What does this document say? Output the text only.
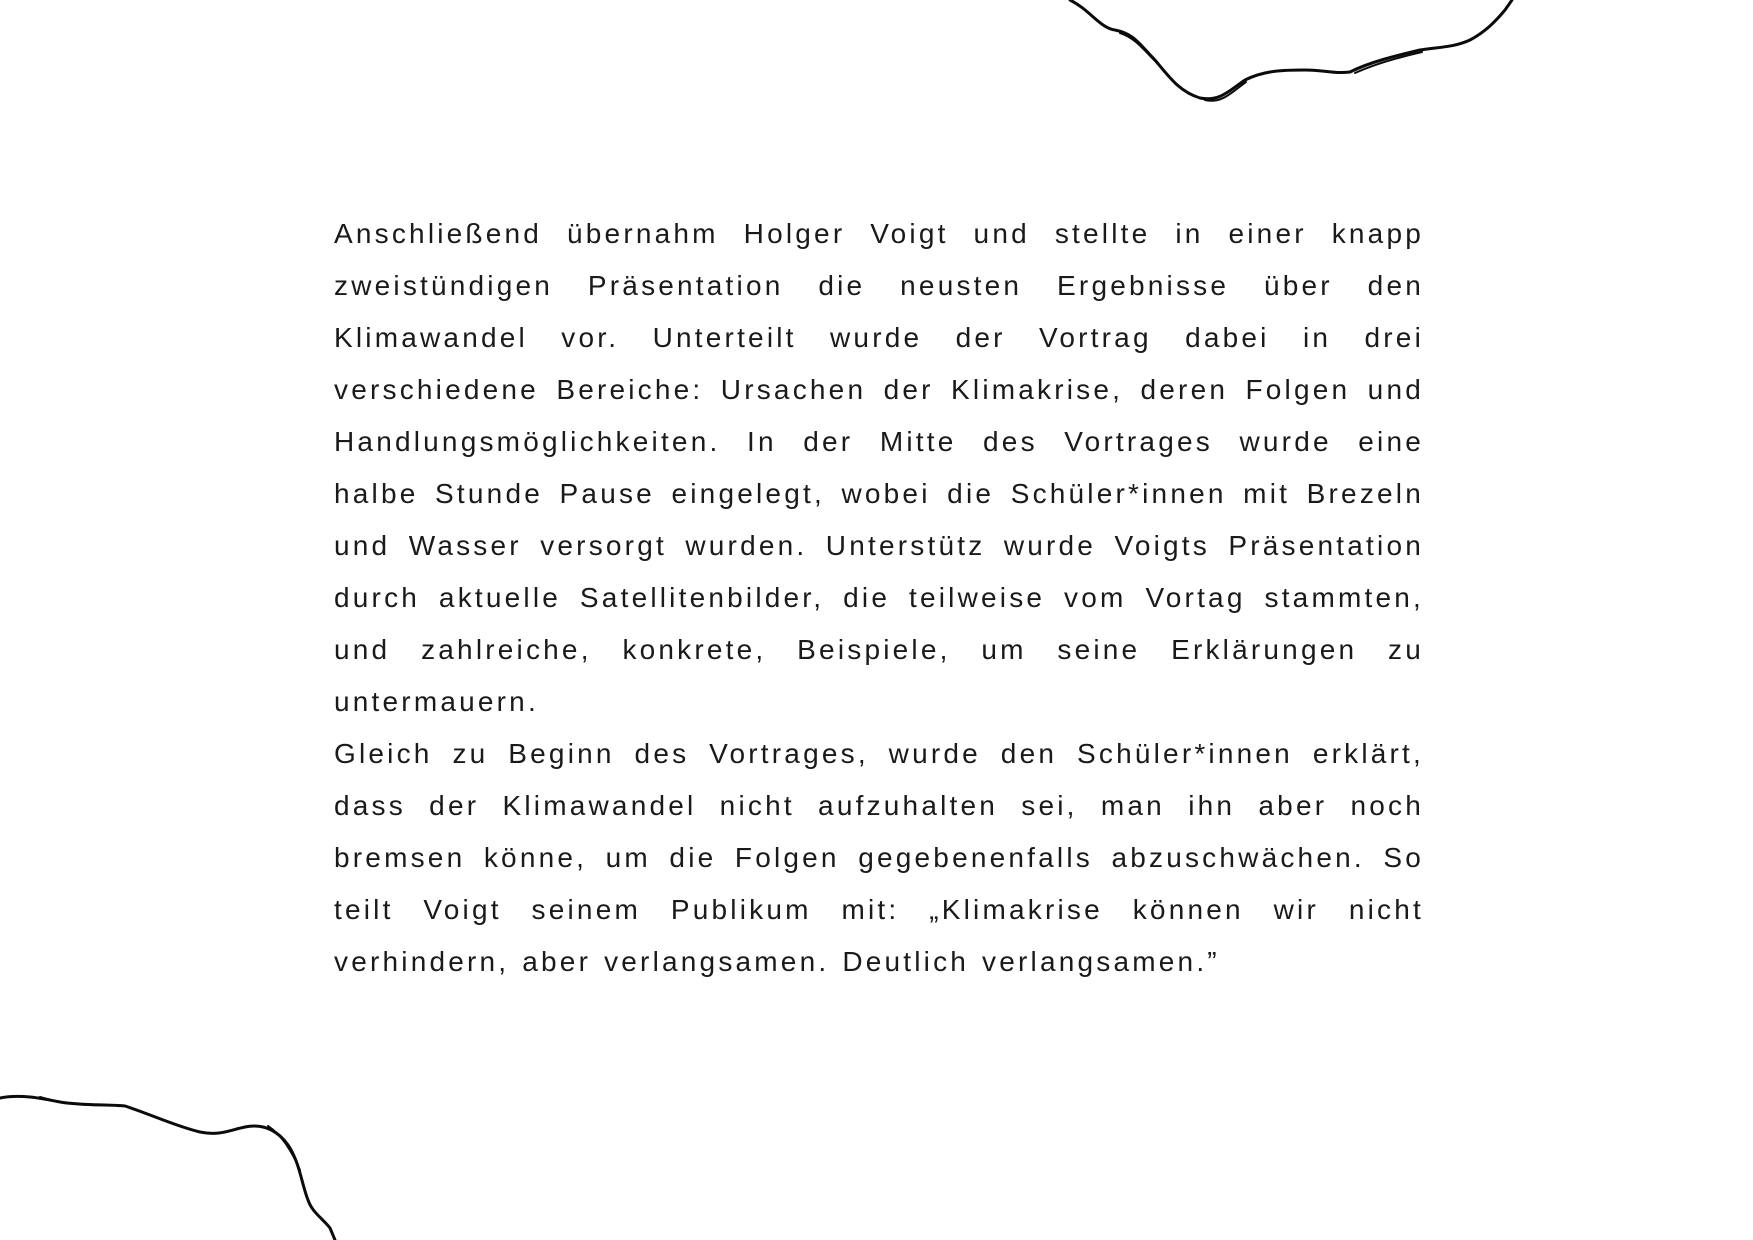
Anschließend übernahm Holger Voigt und stellte in einer knapp zweistündigen Präsentation die neusten Ergebnisse über den Klimawandel vor. Unterteilt wurde der Vortrag dabei in drei verschiedene Bereiche: Ursachen der Klimakrise, deren Folgen und Handlungsmöglichkeiten. In der Mitte des Vortrages wurde eine halbe Stunde Pause eingelegt, wobei die Schüler*innen mit Brezeln und Wasser versorgt wurden. Unterstütz wurde Voigts Präsentation durch aktuelle Satellitenbilder, die teilweise vom Vortag stammten, und zahlreiche, konkrete, Beispiele, um seine Erklärungen zu untermauern.

Gleich zu Beginn des Vortrages, wurde den Schüler*innen erklärt, dass der Klimawandel nicht aufzuhalten sei, man ihn aber noch bremsen könne, um die Folgen gegebenenfalls abzuschwächen. So teilt Voigt seinem Publikum mit: „Klimakrise können wir nicht verhindern, aber verlangsamen. Deutlich verlangsamen.”
